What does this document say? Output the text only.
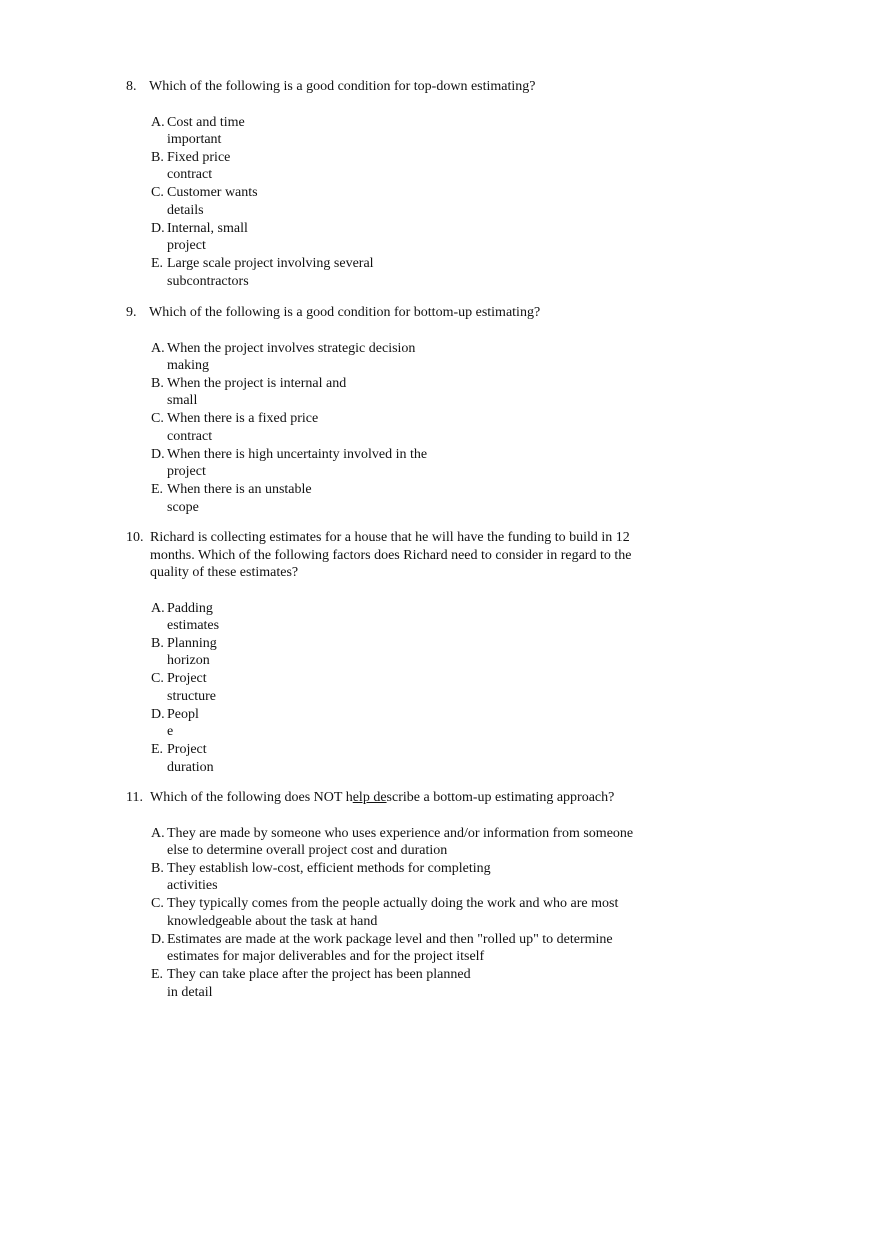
8. Which of the following is a good condition for top-down estimating?
A. Cost and time
important
B. Fixed price
contract
C. Customer wants
details
D. Internal, small
project
E. Large scale project involving several
subcontractors
9. Which of the following is a good condition for bottom-up estimating?
A. When the project involves strategic decision
making
B. When the project is internal and
small
C. When there is a fixed price
contract
D. When there is high uncertainty involved in the
project
E. When there is an unstable
scope
10. Richard is collecting estimates for a house that he will have the funding to build in 12
months. Which of the following factors does Richard need to consider in regard to the
quality of these estimates?
A. Padding
estimates
B. Planning
horizon
C. Project
structure
D. Peopl
e
E. Project
duration
11. Which of the following does NOT help describe a bottom-up estimating approach?
A. They are made by someone who uses experience and/or information from someone
else to determine overall project cost and duration
B. They establish low-cost, efficient methods for completing
activities
C. They typically comes from the people actually doing the work and who are most
knowledgeable about the task at hand
D. Estimates are made at the work package level and then "rolled up" to determine
estimates for major deliverables and for the project itself
E. They can take place after the project has been planned
in detail
